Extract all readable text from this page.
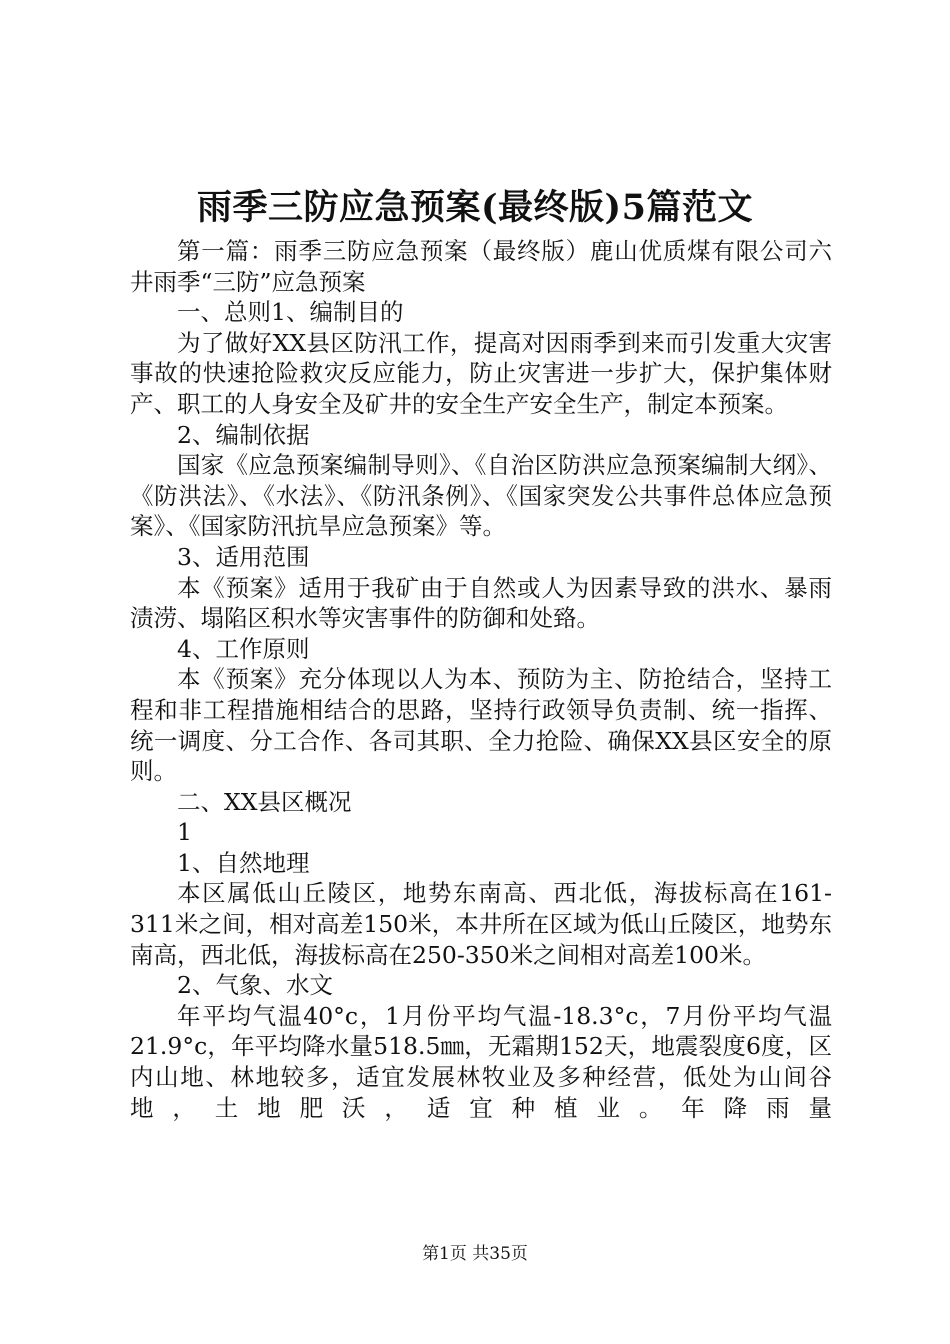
雨季三防应急预案(最终版)5篇范文

第一篇：雨季三防应急预案（最终版）鹿山优质煤有限公司六井雨季“三防”应急预案

一、总则1、编制目的

为了做好XX县区防汛工作，提高对因雨季到来而引发重大灾害事故的快速抢险救灾反应能力，防止灾害进一步扩大，保护集体财产、职工的人身安全及矿井的安全生产安全生产，制定本预案。

2、编制依据

国家《应急预案编制导则》、《自治区防洪应急预案编制大纲》、《防洪法》、《水法》、《防汛条例》、《国家突发公共事件总体应急预案》、《国家防汛抗旱应急预案》等。

3、适用范围

本《预案》适用于我矿由于自然或人为因素导致的洪水、暴雨渍涝、塌陷区积水等灾害事件的防御和处臵。

4、工作原则

本《预案》充分体现以人为本、预防为主、防抢结合，坚持工程和非工程措施相结合的思路，坚持行政领导负责制、统一指挥、统一调度、分工合作、各司其职、全力抢险、确保XX县区安全的原则。

二、XX县区概况

1

1、自然地理

本区属低山丘陵区，地势东南高、西北低，海拔标高在161-311米之间，相对高差150米，本井所在区域为低山丘陵区，地势东南高，西北低，海拔标高在250-350米之间相对高差100米。

2、气象、水文

年平均气温40°c，1月份平均气温-18.3°c，7月份平均气温21.9°c，年平均降水量518.5㎜，无霜期152天，地震裂度6度，区内山地、林地较多，适宜发展林牧业及多种经营，低处为山间谷地，土地肥沃，适宜种植业。年降雨量

第1页 共35页
